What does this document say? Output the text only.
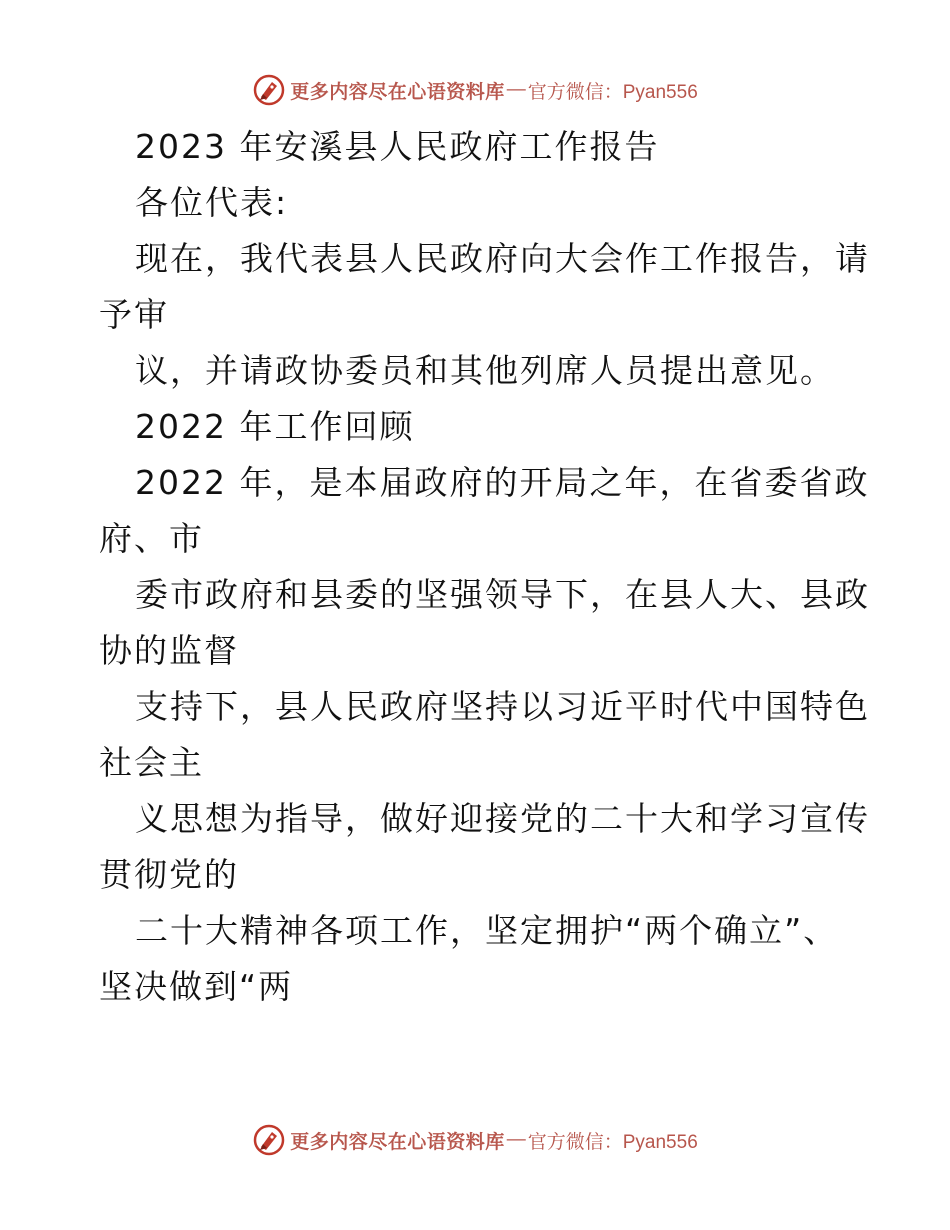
更多内容尽在心语资料库 — 官方微信：Pyan556
2023 年安溪县人民政府工作报告
各位代表:
现在，我代表县人民政府向大会作工作报告，请
予审
议，并请政协委员和其他列席人员提出意见。
2022 年工作回顾
2022 年，是本届政府的开局之年，在省委省政
府、市
委市政府和县委的坚强领导下，在县人大、县政
协的监督
支持下，县人民政府坚持以习近平时代中国特色
社会主
义思想为指导，做好迎接党的二十大和学习宣传
贯彻党的
二十大精神各项工作，坚定拥护“两个确立”、
坚决做到“两
更多内容尽在心语资料库 — 官方微信：Pyan556
